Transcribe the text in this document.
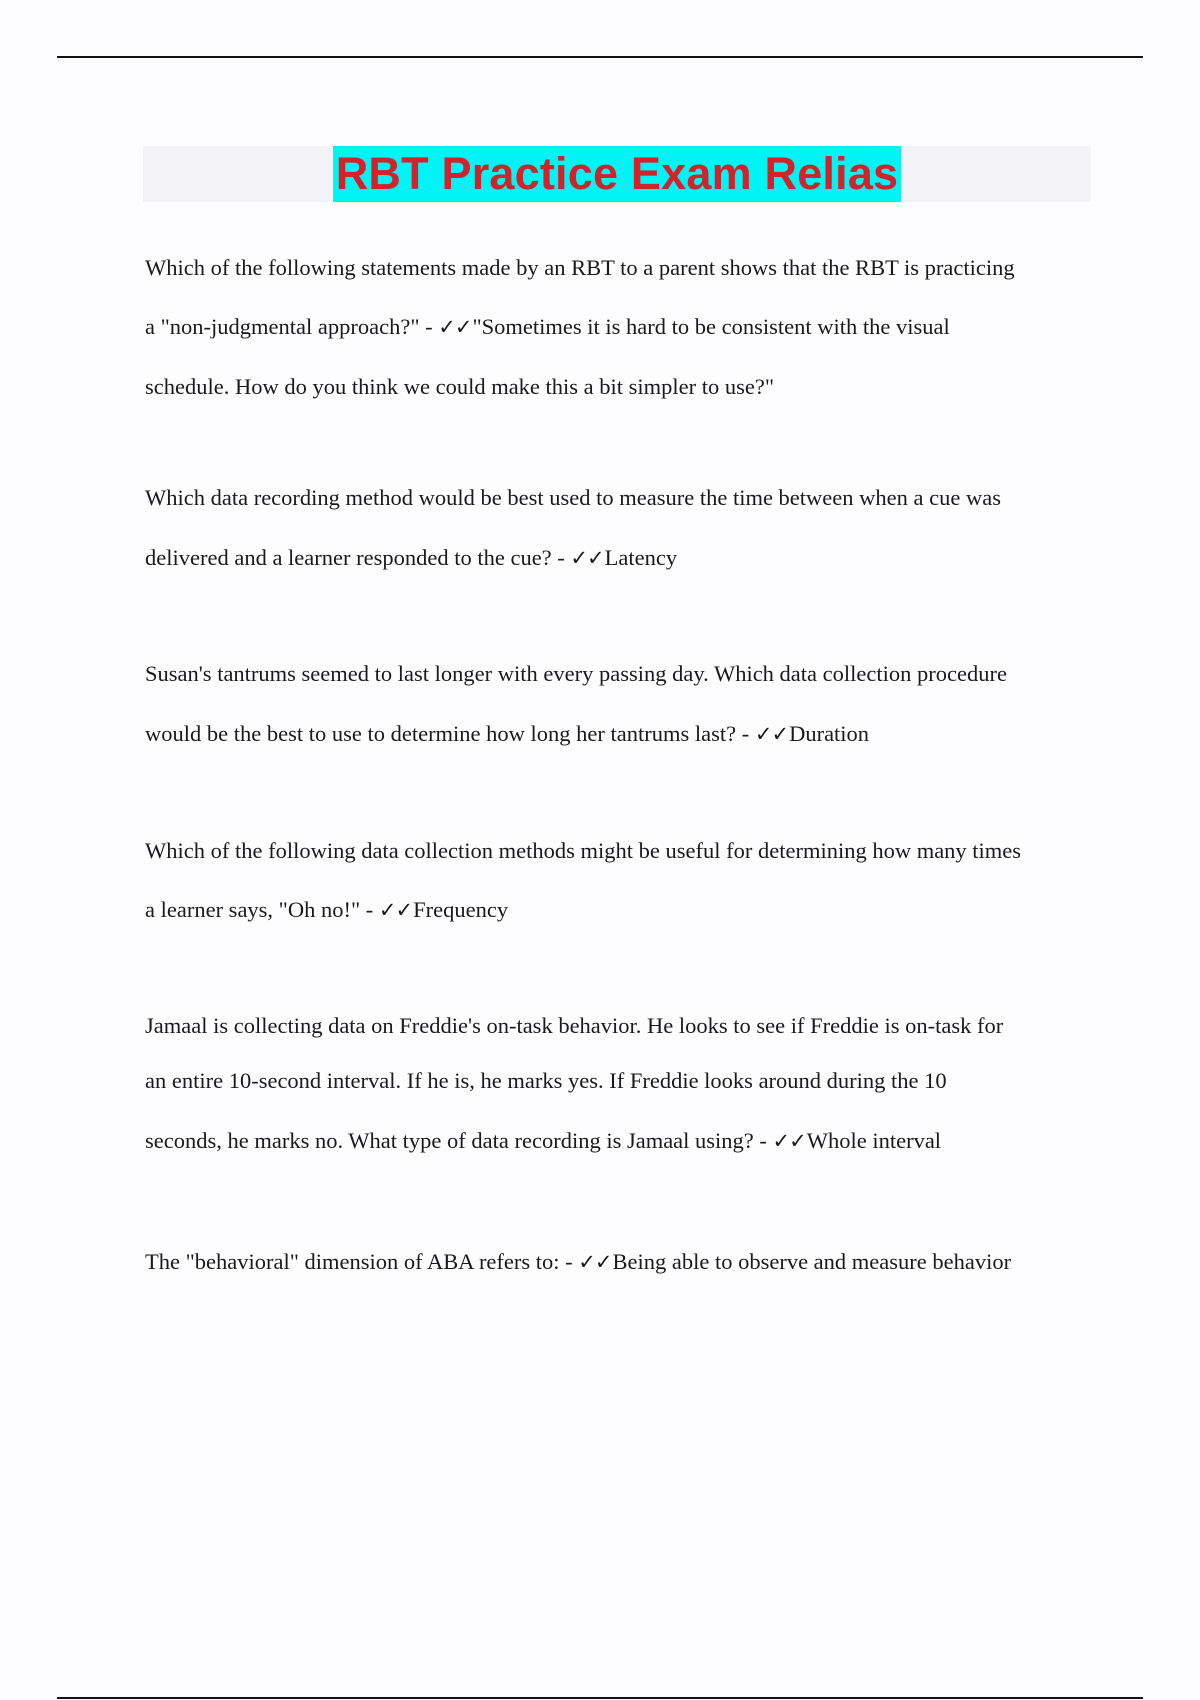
RBT Practice Exam Relias
Which of the following statements made by an RBT to a parent shows that the RBT is practicing
a "non-judgmental approach?" - ✓✓"Sometimes it is hard to be consistent with the visual
schedule. How do you think we could make this a bit simpler to use?"
Which data recording method would be best used to measure the time between when a cue was
delivered and a learner responded to the cue? - ✓✓Latency
Susan's tantrums seemed to last longer with every passing day. Which data collection procedure
would be the best to use to determine how long her tantrums last? - ✓✓Duration
Which of the following data collection methods might be useful for determining how many times
a learner says, "Oh no!" - ✓✓Frequency
Jamaal is collecting data on Freddie's on-task behavior. He looks to see if Freddie is on-task for
an entire 10-second interval. If he is, he marks yes. If Freddie looks around during the 10
seconds, he marks no. What type of data recording is Jamaal using? - ✓✓Whole interval
The "behavioral" dimension of ABA refers to: - ✓✓Being able to observe and measure behavior
